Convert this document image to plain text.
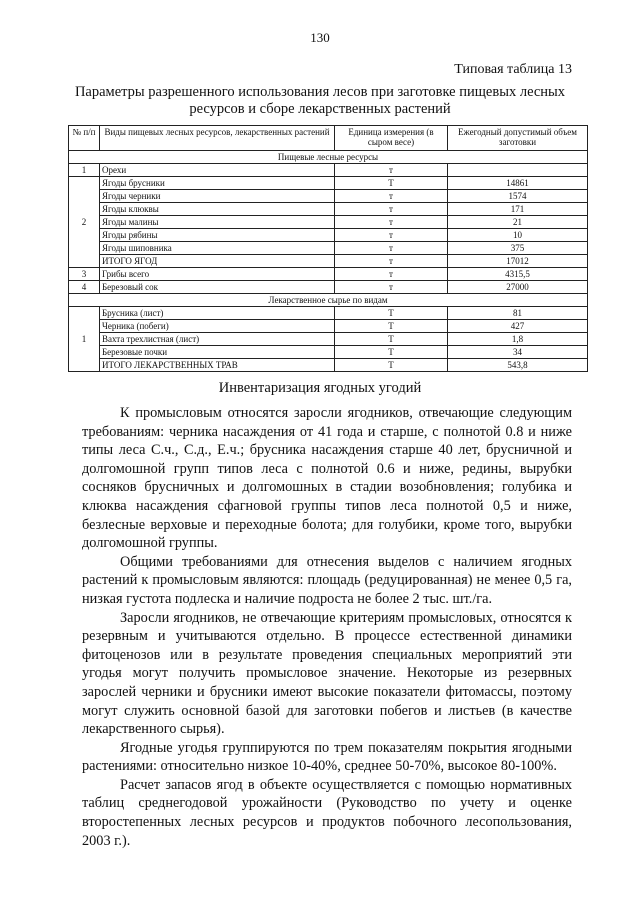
130
Типовая таблица 13
Параметры разрешенного использования лесов при заготовке пищевых лесных ресурсов и сборе лекарственных растений
№ п/п	Виды пищевых лесных ресурсов, лекарственных растений	Единица измерения (в сыром весе)	Ежегодный допустимый объем заготовки
Пищевые лесные ресурсы			
1	Орехи	т	
2	Ягоды брусники	Т	14861
	Ягоды черники	т	1574
	Ягоды клюквы	т	171
	Ягоды малины	т	21
	Ягоды рябины	т	10
	Ягоды шиповника	т	375
	ИТОГО ЯГОД	т	17012
3	Грибы всего	т	4315,5
4	Березовый сок	т	27000
Лекарственное сырье по видам			
1	Брусника (лист)	Т	81
	Черника (побеги)	Т	427
	Вахта трехлистная (лист)	Т	1,8
	Березовые почки	Т	34
	ИТОГО ЛЕКАРСТВЕННЫХ ТРАВ	Т	543,8
Инвентаризация ягодных угодий

К промысловым относятся заросли ягодников, отвечающие следующим требованиям: черника насаждения от 41 года и старше, с полнотой 0.8 и ниже типы леса С.ч., С.д., Е.ч.; брусника насаждения старше 40 лет, брусничной и долгомошной групп типов леса с полнотой 0.6 и ниже, редины, вырубки сосняков брусничных и долгомошных в стадии возобновления; голубика и клюква насаждения сфагновой группы типов леса полнотой 0,5 и ниже, безлесные верховые и переходные болота; для голубики, кроме того, вырубки долгомошной группы.

Общими требованиями для отнесения выделов с наличием ягодных растений к промысловым являются: площадь (редуцированная) не менее 0,5 га, низкая густота подлеска и наличие подроста не более 2 тыс. шт./га.

Заросли ягодников, не отвечающие критериям промысловых, относятся к резервным и учитываются отдельно. В процессе естественной динамики фитоценозов или в результате проведения специальных мероприятий эти угодья могут получить промысловое значение. Некоторые из резервных зарослей черники и брусники имеют высокие показатели фитомассы, поэтому могут служить основной базой для заготовки побегов и листьев (в качестве лекарственного сырья).

Ягодные угодья группируются по трем показателям покрытия ягодными растениями: относительно низкое 10-40%, среднее 50-70%, высокое 80-100%.

Расчет запасов ягод в объекте осуществляется с помощью нормативных таблиц среднегодовой урожайности (Руководство по учету и оценке второстепенных лесных ресурсов и продуктов побочного лесопользования, 2003 г.).
